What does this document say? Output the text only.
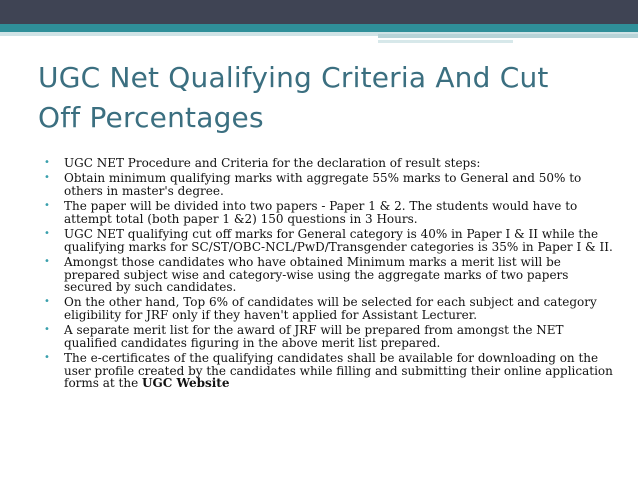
UGC Net Qualifying Criteria And Cut Off Percentages
• UGC NET Procedure and Criteria for the declaration of result steps:
• Obtain minimum qualifying marks with aggregate 55% marks to General and 50% to others in master's degree.
• The paper will be divided into two papers - Paper 1 & 2. The students would have to attempt total (both paper 1 &2) 150 questions in 3 Hours.
• UGC NET qualifying cut off marks for General category is 40% in Paper I & II while the qualifying marks for SC/ST/OBC-NCL/PwD/Transgender categories is 35% in Paper I & II.
• Amongst those candidates who have obtained Minimum marks a merit list will be prepared subject wise and category-wise using the aggregate marks of two papers secured by such candidates.
• On the other hand, Top 6% of candidates will be selected for each subject and category eligibility for JRF only if they haven't applied for Assistant Lecturer.
• A separate merit list for the award of JRF will be prepared from amongst the NET qualified candidates figuring in the above merit list prepared.
• The e-certificates of the qualifying candidates shall be available for downloading on the user profile created by the candidates while filling and submitting their online application forms at the UGC Website
